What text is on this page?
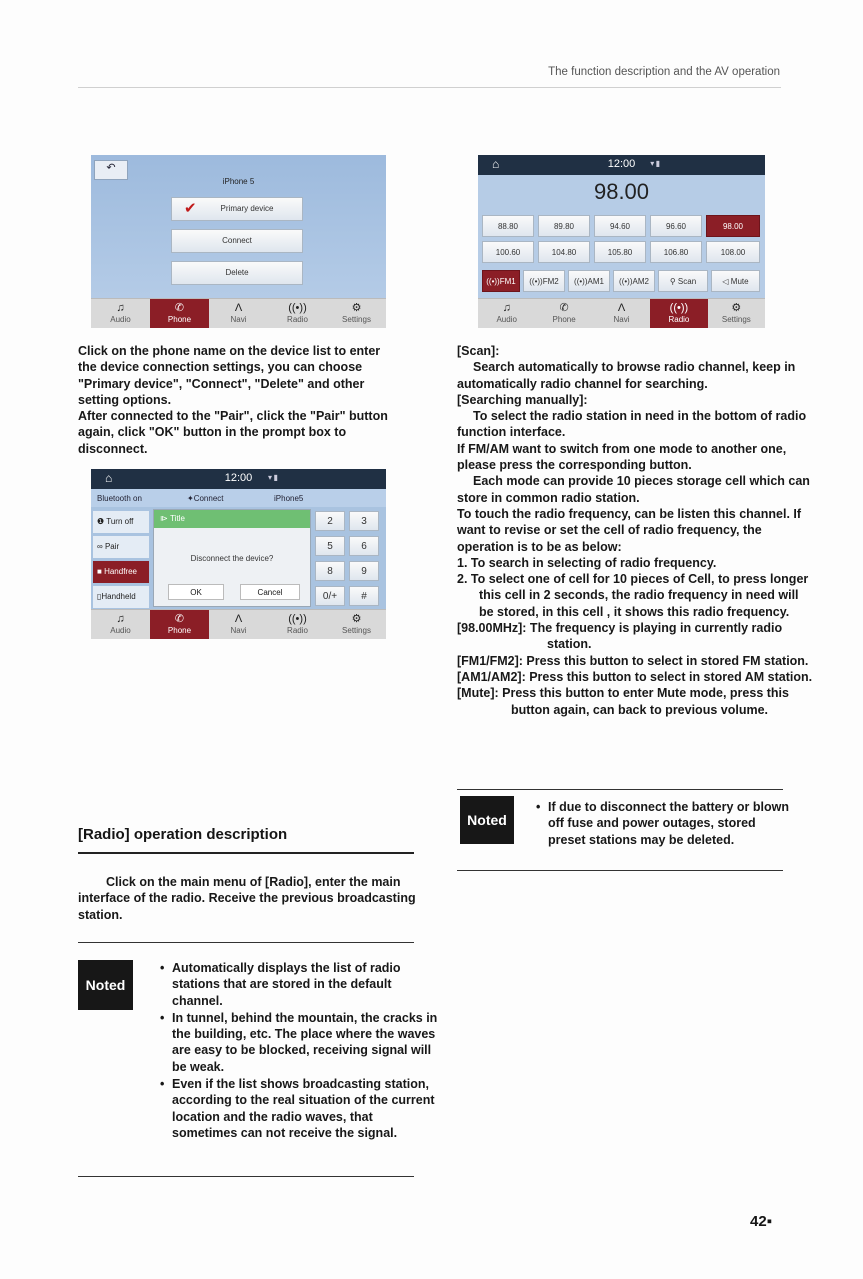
The function description and the AV operation
↶
iPhone 5
✔	Primary device
Connect
Delete
♫
Audio
✆
Phone
Λ
Navi
((•))
Radio
⚙
Settings
Click on the phone name on the device list to enter the device connection settings, you can choose "Primary device", "Connect", "Delete" and other setting options.
After connected to the "Pair", click the "Pair" button again, click "OK" button in the prompt box to disconnect.
⌂	12:00	▾ ▮
Bluetooth on	✦Connect	iPhone5
❶ Turn off
∞ Pair
■ Handfree
▯Handheld
⧐ Title
Disconnect the device?
OK	Cancel
2	3
5	6
8	9
0/+	#
♫
Audio
✆
Phone
Λ
Navi
((•))
Radio
⚙
Settings
[Radio] operation description
Click on the main menu of [Radio], enter the main interface of the radio. Receive the previous broadcasting station.
Noted
• Automatically displays the list of radio stations that are stored in the default channel.
• In tunnel, behind the mountain, the cracks in the building, etc. The place where the waves are easy to be blocked, receiving signal will be weak.
• Even if the list shows broadcasting station, according to the real situation of the current location and the radio waves, that sometimes can not receive the signal.
⌂	12:00	▾ ▮
98.00
88.80	89.80	94.60	96.60	98.00
100.60	104.80	105.80	106.80	108.00
((•))FM1	((•))FM2	((•))AM1	((•))AM2	⚲ Scan	◁ Mute
♫
Audio
✆
Phone
Λ
Navi
((•))
Radio
⚙
Settings
[Scan]:
Search automatically to browse radio channel, keep in automatically radio channel for searching.
[Searching manually]:
To select the radio station in need in the bottom of radio function interface.
If FM/AM want to switch from one mode to another one, please press the corresponding button.
Each mode can provide 10 pieces storage cell which can store in common radio station.
To touch the radio frequency, can be listen this channel. If want to revise or set the cell of radio frequency, the operation is to be as below:
1. To search in selecting of radio frequency.
2. To select one of cell for 10 pieces of Cell, to press longer this cell in 2 seconds, the radio frequency in need will be stored, in this cell , it shows this radio frequency.
[98.00MHz]: The frequency is playing in currently radio station.
[FM1/FM2]: Press this button to select in stored FM station.
[AM1/AM2]: Press this button to select in stored AM station.
[Mute]: Press this button to enter Mute mode, press this button again, can back to previous volume.
Noted
• If due to disconnect the battery or blown off fuse and power outages, stored preset stations may be deleted.
42▪
